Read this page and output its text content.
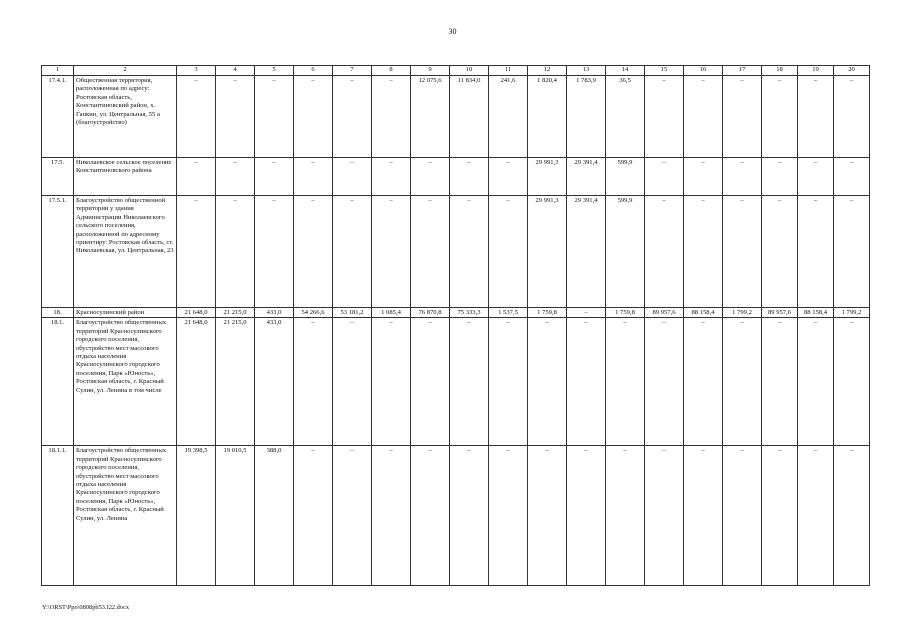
30
1	2	3	4	5	6	7	8	9	10	11	12	13	14	15	16	17	18	19	20
17.4.1.	Общественная территория, расположенная по адресу: Ростовская область, Константиновский район, х. Гапкин, ул. Центральная, 55 а (благоустройство)	–	–	–	–	–	–	12 075,6	11 834,0	241,6	1 820,4	1 783,9	36,5	–	–	–	–	–	–
17.5.	Николаевское сельское поселение Константиновского района	–	–	–	–	–	–	–	–	–	29 991,3	29 391,4	599,9	–	–	–	–	–	–
17.5.1.	Благоустройство общественной территории у здания Администрации Николаевского сельского поселения, расположенной по адресному ориентиру: Ростовская область, ст. Николаевская, ул. Центральная, 23	–	–	–	–	–	–	–	–	–	29 991,3	29 391,4	599,9	–	–	–	–	–	–
18.	Красносулинский район	21 648,0	21 215,0	433,0	54 266,6	53 181,2	1 085,4	76 870,8	75 333,3	1 537,5	1 759,8	–	1 759,8	89 957,6	88 158,4	1 799,2	89 957,6	88 158,4	1 799,2
18.1.	Благоустройство общественных территорий Красносулинского городского поселения, обустройство мест массового отдыха населения Красносулинского городского поселения, Парк «Юность», Ростовская область, г. Красный Сулин, ул. Ленина в том числе	21 648,0	21 215,0	433,0	–	–	–	–	–	–	–	–	–	–	–	–	–	–	–
18.1.1.	Благоустройство общественных территорий Красносулинского городского поселения, обустройство мест массового отдыха населения Красносулинского городского поселения, Парк «Юность», Ростовская область, г. Красный Сулин, ул. Ленина	19 398,5	19 010,5	388,0	–	–	–	–	–	–	–	–	–	–	–	–	–	–	–
Y:\ORST\Ppo\0808pb53.f22.docx
